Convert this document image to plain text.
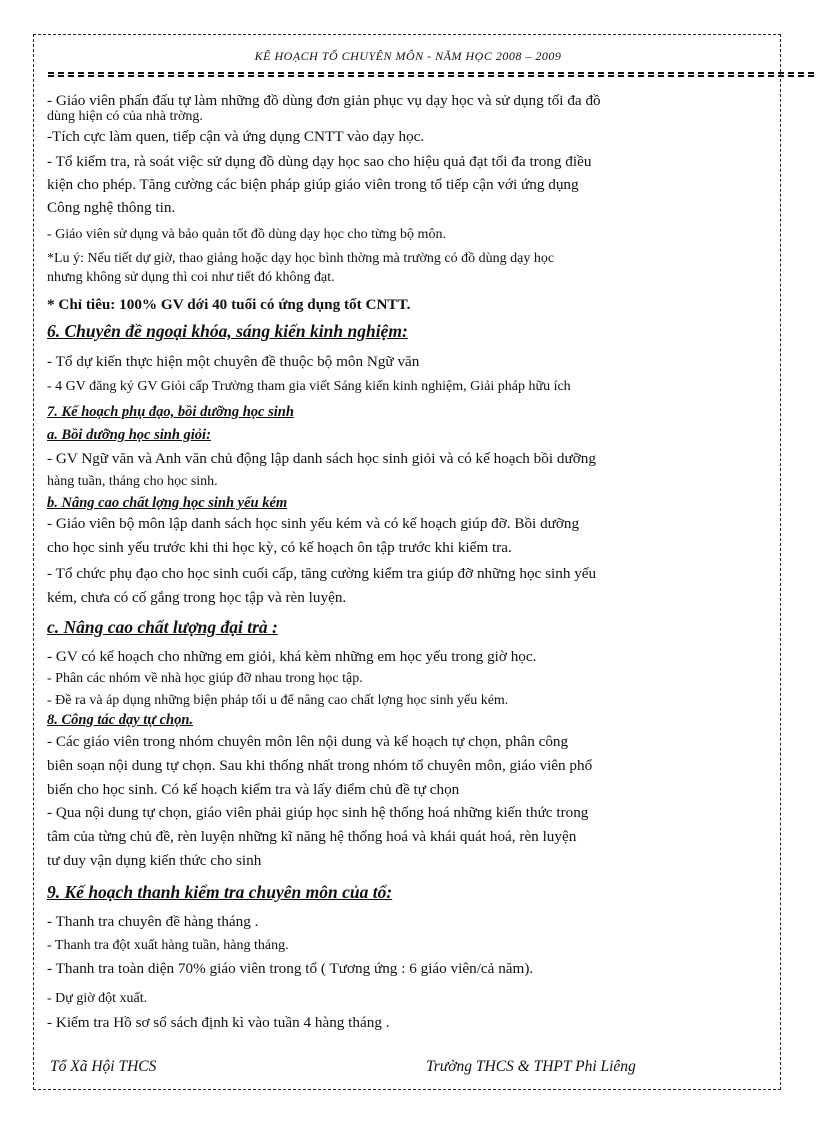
KẾ HOẠCH TỔ CHUYÊN MÔN - NĂM HỌC 2008 – 2009
- Giáo viên phấn đấu tự làm những đồ dùng đơn giản phục vụ dạy học và sử dụng tối đa đồ
dùng hiện có của nhà trờng.
-Tích cực làm quen, tiếp cận và ứng dụng CNTT vào dạy học.
- Tổ kiểm tra, rà soát việc sử dụng đồ dùng dạy học sao cho hiệu quả đạt tối đa trong điều
kiện cho phép. Tăng cường các biện pháp giúp giáo viên trong tổ tiếp cận với ứng dụng
Công nghệ thông tin.
- Giáo viên sử dụng và bảo quản tốt đồ dùng dạy học cho từng bộ môn.
*Lu ý: Nếu tiết dự giờ, thao giảng hoặc dạy học bình thờng mà trường có đồ dùng dạy học
nhưng không sử dụng thì coi như tiết đó không đạt.
* Chỉ tiêu: 100% GV dới 40 tuổi có ứng dụng tốt CNTT.
6. Chuyên đề ngoại khóa, sáng kiến kinh nghiệm:
- Tổ dự kiến thực hiện một chuyên đề thuộc bộ môn Ngữ văn
- 4 GV đăng ký GV Giỏi cấp Trường tham gia viết Sáng kiến kinh nghiệm, Giải pháp hữu ích
7. Kế hoạch phụ đạo, bồi dưỡng học sinh
a. Bồi dưỡng học sinh giỏi:
- GV Ngữ văn và Anh văn chủ động lập danh sách học sinh giỏi và có kế hoạch bồi dưỡng
hàng tuần, tháng cho học sinh.
b. Nâng cao chất lợng học sinh yếu kém
- Giáo viên bộ môn lập danh sách học sinh yếu kém và có kế hoạch giúp đỡ. Bồi dưỡng
cho học sinh yếu trước khi thi học kỳ, có kế hoạch ôn tập trước khi kiểm tra.
- Tổ chức phụ đạo cho học sinh cuối cấp, tăng cường kiểm tra giúp đỡ những học sinh yếu
kém, chưa có cố gắng trong học tập và rèn luyện.
c. Nâng cao chất lượng đại trà :
- GV có kế hoạch cho những em giỏi, khá kèm những em học yếu trong giờ học.
- Phân các nhóm về nhà học giúp đỡ nhau trong học tập.
- Đề ra và áp dụng những biện pháp tối u để nâng cao chất lợng học sinh yếu kém.
8. Công tác dạy tự chọn.
- Các giáo viên trong nhóm chuyên môn lên nội dung và kế hoạch tự chọn, phân công
biên soạn nội dung tự chọn. Sau khi thống nhất trong nhóm tổ chuyên môn, giáo viên phổ
biến cho học sinh. Có kế hoạch kiểm tra và lấy điểm chủ đề tự chọn
- Qua nội dung tự chọn, giáo viên phải giúp học sinh hệ thống hoá những kiến thức trong
tâm của từng chủ đề, rèn luyện những kĩ năng hệ thống hoá và khái quát hoá, rèn luyện
tư duy vận dụng kiến thức cho sinh
9. Kế hoạch thanh kiểm tra chuyên môn của tổ:
- Thanh tra chuyên đề hàng tháng .
- Thanh tra đột xuất hàng tuần, hàng tháng.
- Thanh tra toàn diện 70% giáo viên trong tổ ( Tương ứng : 6 giáo viên/cả năm).
- Dự giờ đột xuất.
- Kiểm tra Hồ sơ sổ sách định kì vào tuần 4 hàng tháng .
Tổ Xã Hội THCS	Trường THCS & THPT Phi Liêng
